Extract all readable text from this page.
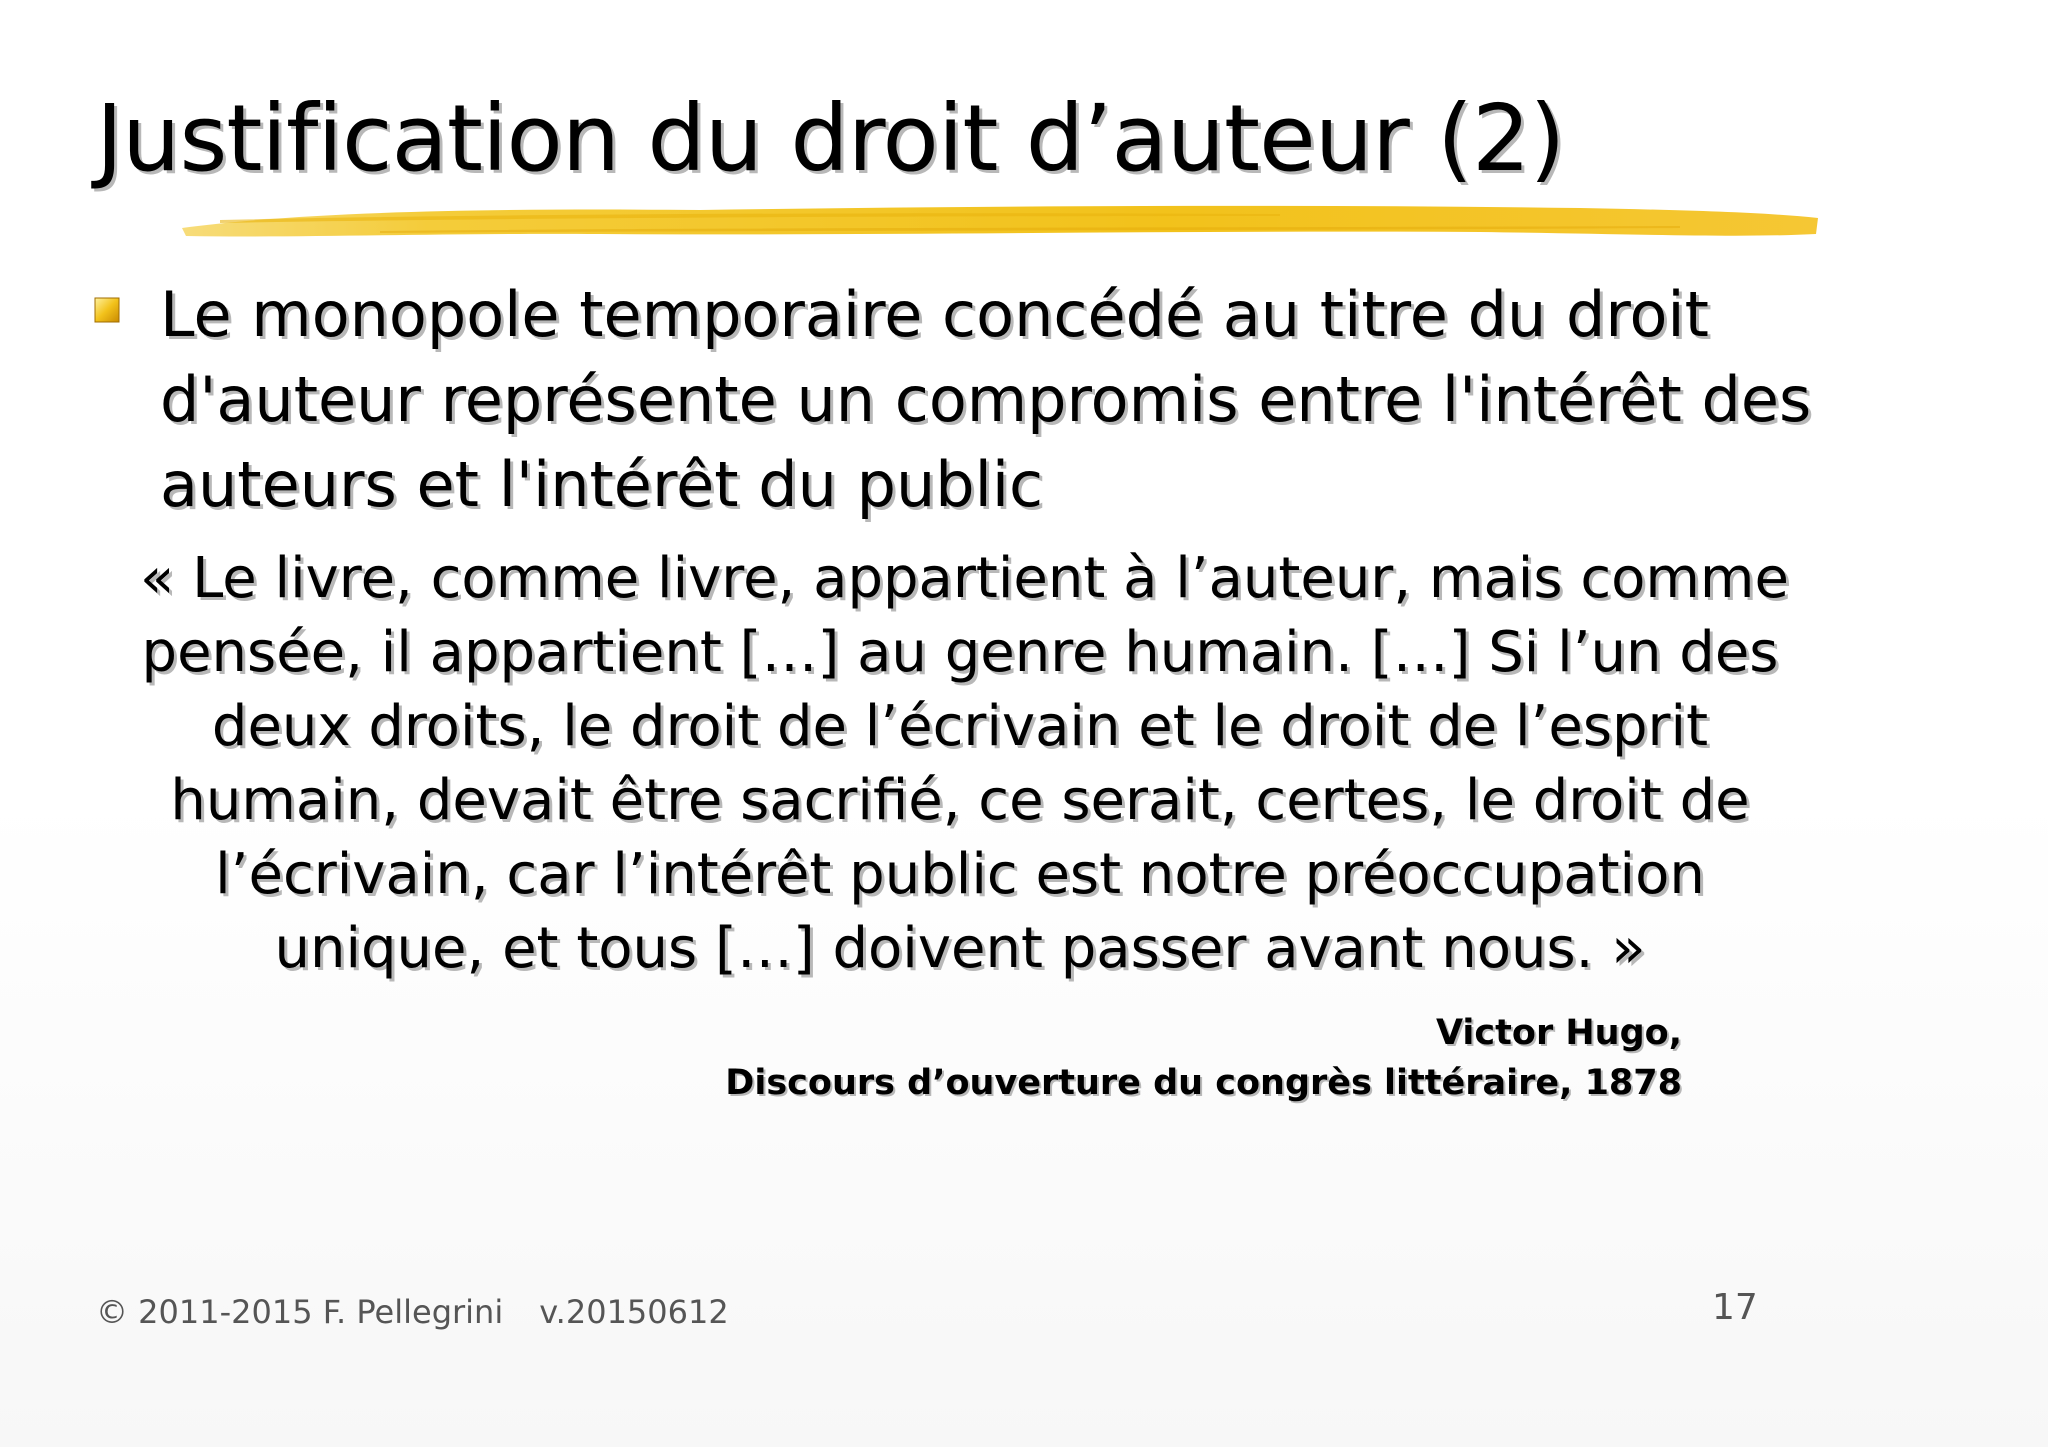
Justification du droit d’auteur (2)
Le monopole temporaire concédé au titre du droit
d'auteur représente un compromis entre l'intérêt des
auteurs et l'intérêt du public
« Le livre, comme livre, appartient à l’auteur, mais comme
pensée, il appartient […] au genre humain. […] Si l’un des
deux droits, le droit de l’écrivain et le droit de l’esprit
humain, devait être sacrifié, ce serait, certes, le droit de
l’écrivain, car l’intérêt public est notre préoccupation
unique, et tous […] doivent passer avant nous. »
Victor Hugo,
Discours d’ouverture du congrès littéraire, 1878
© 2011-2015 F. Pellegrini v.20150612	17
